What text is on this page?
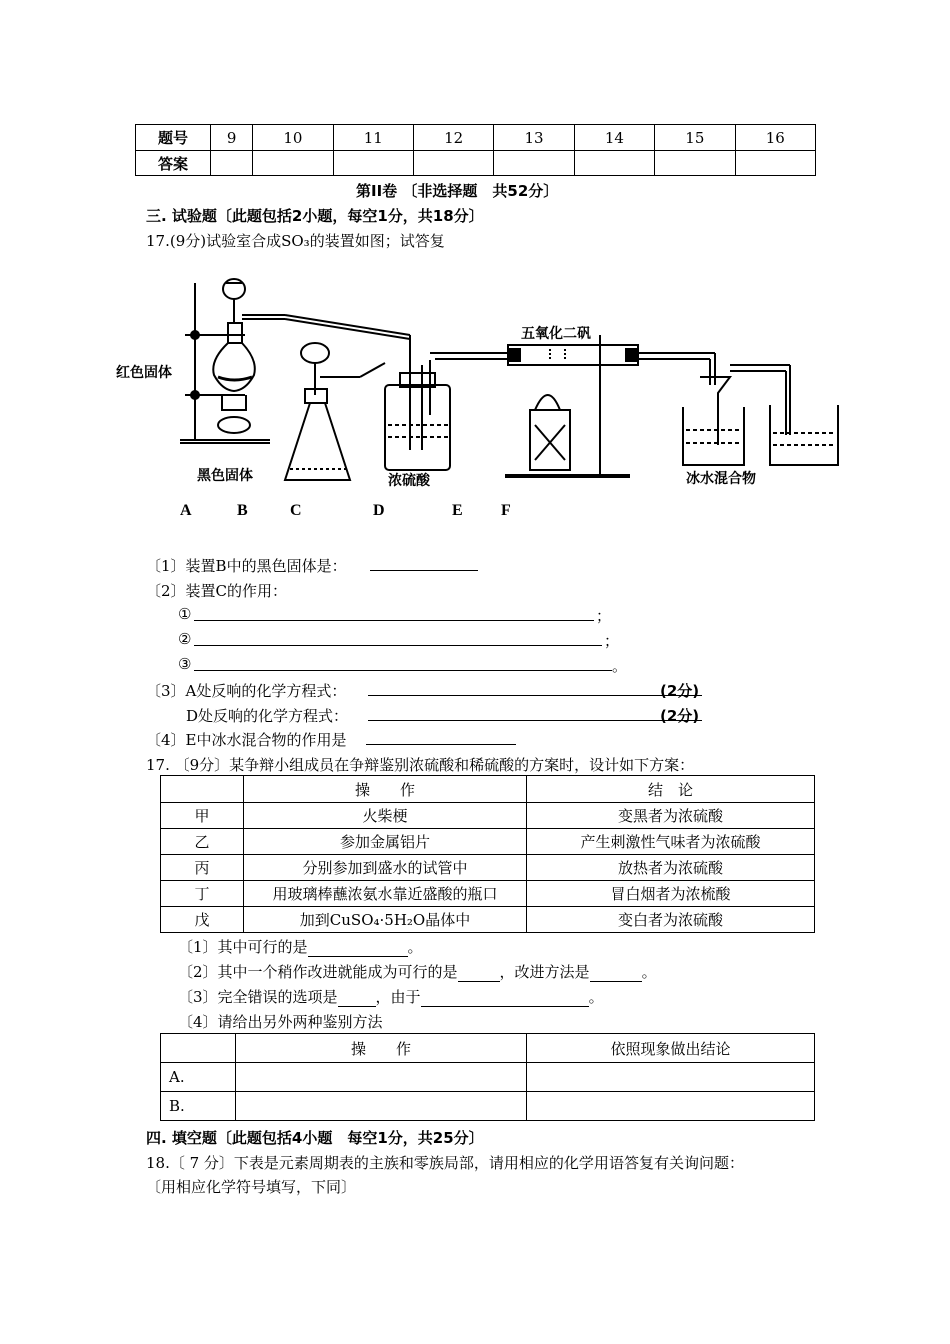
题号	9	10	11	12	13	14	15	16
答案								
第II卷 〔非选择题　共52分〕
三. 试验题〔此题包括2小题，每空1分，共18分〕
17.(9分)试验室合成SO₃的装置如图；试答复
红色固体
黑色固体	浓硫酸
五氧化二矾
冰水混合物
A	B	C	D	E F
〔1〕装置B中的黑色固体是：
〔2〕装置C的作用：
①	；
②	；
③	。
〔3〕A处反响的化学方程式：	(2分)
D处反响的化学方程式：	(2分)
〔4〕E中冰水混合物的作用是
17. 〔9分〕某争辩小组成员在争辩鉴别浓硫酸和稀硫酸的方案时，设计如下方案：
	操　　作	结　论
甲	火柴梗	变黑者为浓硫酸
乙	参加金属铝片	产生刺激性气味者为浓硫酸
丙	分别参加到盛水的试管中	放热者为浓硫酸
丁	用玻璃棒蘸浓氨水靠近盛酸的瓶口	冒白烟者为浓梳酸
戊	加到CuSO₄·5H₂O晶体中	变白者为浓硫酸
〔1〕其中可行的是	。
〔2〕其中一个稍作改进就能成为可行的是	，改进方法是	。
〔3〕完全错误的选项是	，由于	。
〔4〕请给出另外两种鉴别方法
	操　　作	依照现象做出结论
A.		
B.		
四. 填空题〔此题包括4小题　每空1分，共25分〕
18.〔 7 分〕下表是元素周期表的主族和零族局部，请用相应的化学用语答复有关询问题：
〔用相应化学符号填写，下同〕
